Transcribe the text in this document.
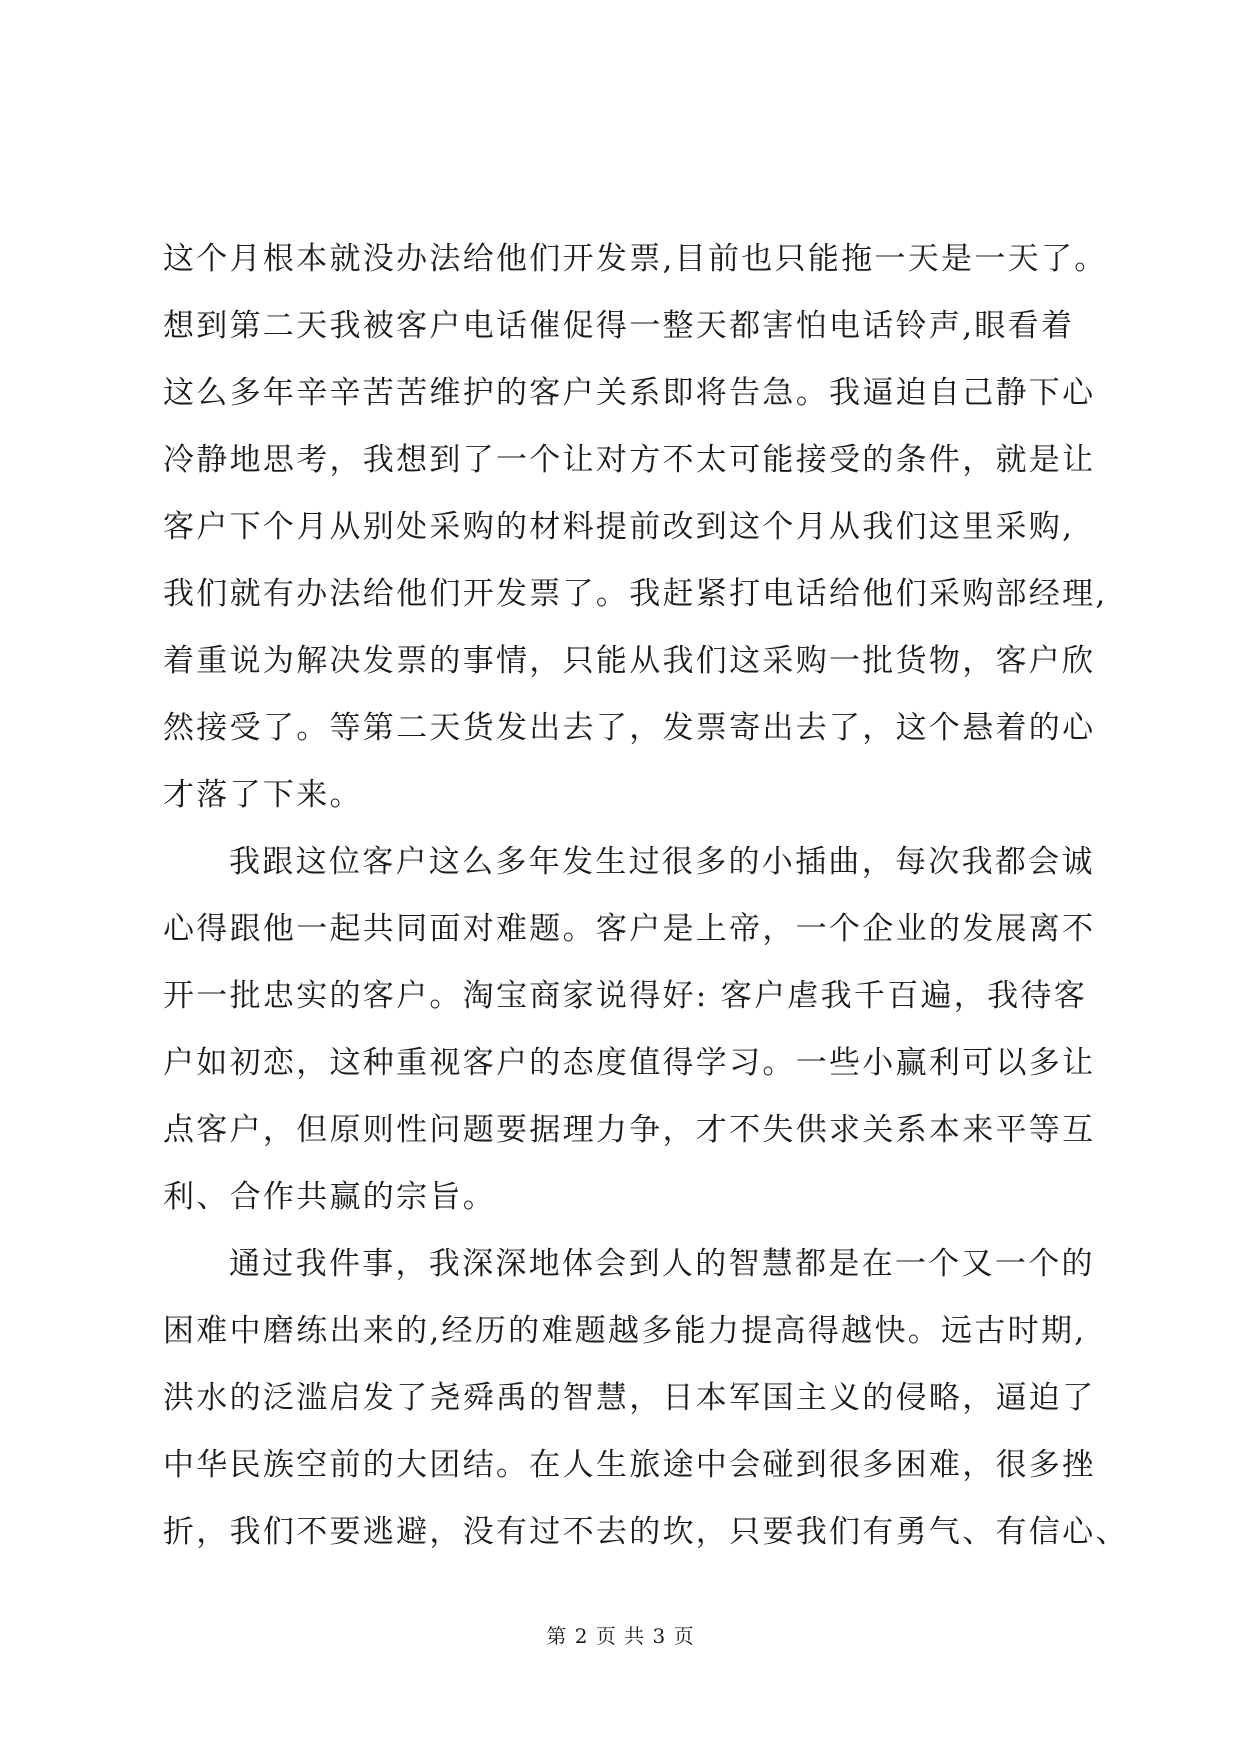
这个月根本就没办法给他们开发票,目前也只能拖一天是一天了。
想到第二天我被客户电话催促得一整天都害怕电话铃声,眼看着
这么多年辛辛苦苦维护的客户关系即将告急。我逼迫自己静下心
冷静地思考，我想到了一个让对方不太可能接受的条件，就是让
客户下个月从别处采购的材料提前改到这个月从我们这里采购,
我们就有办法给他们开发票了。我赶紧打电话给他们采购部经理,
着重说为解决发票的事情，只能从我们这采购一批货物，客户欣
然接受了。等第二天货发出去了，发票寄出去了，这个悬着的心
才落了下来。
我跟这位客户这么多年发生过很多的小插曲，每次我都会诚
心得跟他一起共同面对难题。客户是上帝，一个企业的发展离不
开一批忠实的客户。淘宝商家说得好: 客户虐我千百遍，我待客
户如初恋，这种重视客户的态度值得学习。一些小赢利可以多让
点客户，但原则性问题要据理力争，才不失供求关系本来平等互
利、合作共赢的宗旨。
通过我件事，我深深地体会到人的智慧都是在一个又一个的
困难中磨练出来的,经历的难题越多能力提高得越快。远古时期,
洪水的泛滥启发了尧舜禹的智慧，日本军国主义的侵略，逼迫了
中华民族空前的大团结。在人生旅途中会碰到很多困难，很多挫
折，我们不要逃避，没有过不去的坎，只要我们有勇气、有信心、
第 2 页 共 3 页
